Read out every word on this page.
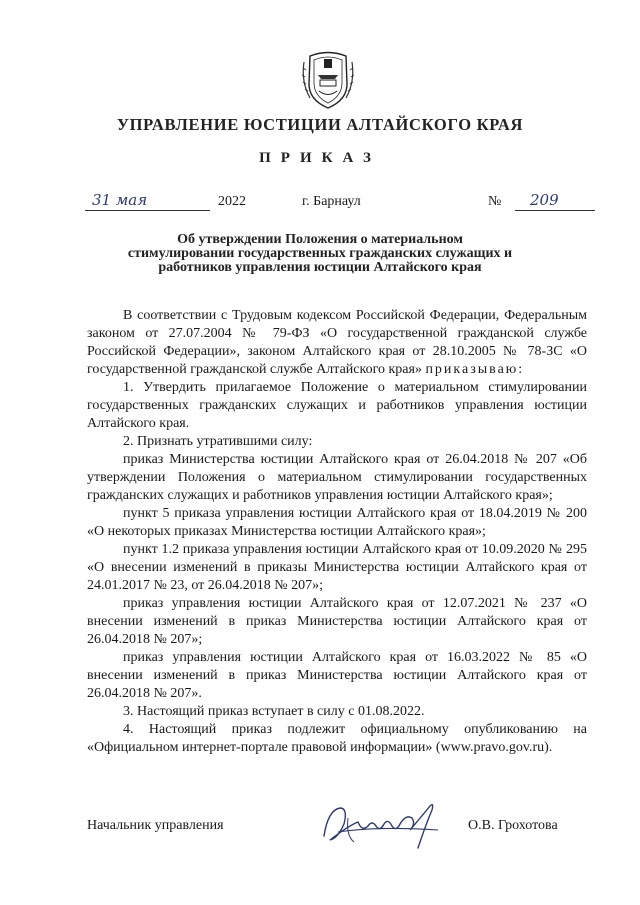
УПРАВЛЕНИЕ ЮСТИЦИИ АЛТАЙСКОГО КРАЯ
ПРИКАЗ
31 мая	2022	г. Барнаул	№ 209
Об утверждении Положения о материальном
стимулировании государственных гражданских служащих и
работников управления юстиции Алтайского края

В соответствии с Трудовым кодексом Российской Федерации, Федеральным законом от 27.07.2004 № 79-ФЗ «О государственной гражданской службе Российской Федерации», законом Алтайского края от 28.10.2005 № 78-ЗС «О государственной гражданской службе Алтайского края» приказываю:

1. Утвердить прилагаемое Положение о материальном стимулировании государственных гражданских служащих и работников управления юстиции Алтайского края.

2. Признать утратившими силу:

приказ Министерства юстиции Алтайского края от 26.04.2018 № 207 «Об утверждении Положения о материальном стимулировании государственных гражданских служащих и работников управления юстиции Алтайского края»;

пункт 5 приказа управления юстиции Алтайского края от 18.04.2019 № 200 «О некоторых приказах Министерства юстиции Алтайского края»;

пункт 1.2 приказа управления юстиции Алтайского края от 10.09.2020 № 295 «О внесении изменений в приказы Министерства юстиции Алтайского края от 24.01.2017 № 23, от 26.04.2018 № 207»;

приказ управления юстиции Алтайского края от 12.07.2021 № 237 «О внесении изменений в приказ Министерства юстиции Алтайского края от 26.04.2018 № 207»;

приказ управления юстиции Алтайского края от 16.03.2022 № 85 «О внесении изменений в приказ Министерства юстиции Алтайского края от 26.04.2018 № 207».

3. Настоящий приказ вступает в силу с 01.08.2022.

4. Настоящий приказ подлежит официальному опубликованию на «Официальном интернет-портале правовой информации» (www.pravo.gov.ru).

Начальник управления	О.В. Грохотова
